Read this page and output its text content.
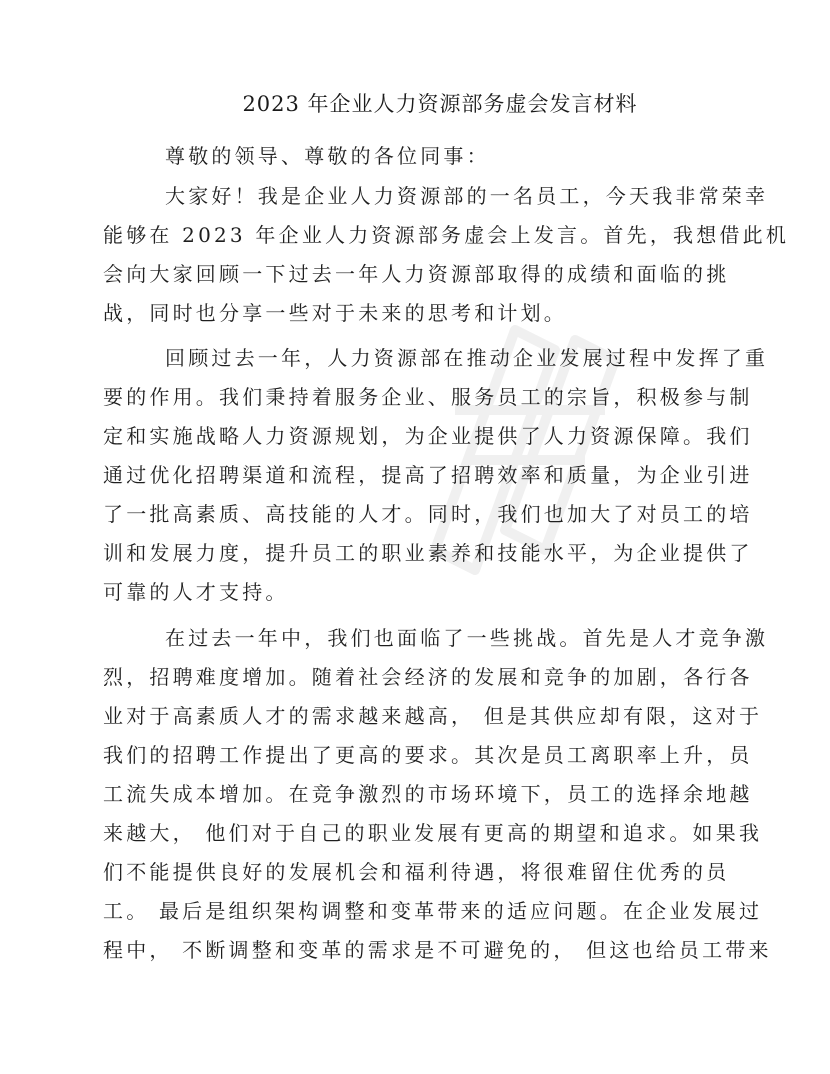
2023 年企业人力资源部务虚会发言材料
尊敬的领导、尊敬的各位同事：
大家好！我是企业人力资源部的一名员工，今天我非常荣幸
能够在 2023 年企业人力资源部务虚会上发言。首先，我想借此机
会向大家回顾一下过去一年人力资源部取得的成绩和面临的挑
战，同时也分享一些对于未来的思考和计划。
回顾过去一年，人力资源部在推动企业发展过程中发挥了重
要的作用。我们秉持着服务企业、服务员工的宗旨，积极参与制
定和实施战略人力资源规划，为企业提供了人力资源保障。我们
通过优化招聘渠道和流程，提高了招聘效率和质量，为企业引进
了一批高素质、高技能的人才。同时，我们也加大了对员工的培
训和发展力度，提升员工的职业素养和技能水平，为企业提供了
可靠的人才支持。
在过去一年中，我们也面临了一些挑战。首先是人才竞争激
烈，招聘难度增加。随着社会经济的发展和竞争的加剧，各行各
业对于高素质人才的需求越来越高， 但是其供应却有限，这对于
我们的招聘工作提出了更高的要求。其次是员工离职率上升，员
工流失成本增加。在竞争激烈的市场环境下，员工的选择余地越
来越大， 他们对于自己的职业发展有更高的期望和追求。如果我
们不能提供良好的发展机会和福利待遇，将很难留住优秀的员
工。 最后是组织架构调整和变革带来的适应问题。在企业发展过
程中， 不断调整和变革的需求是不可避免的， 但这也给员工带来
